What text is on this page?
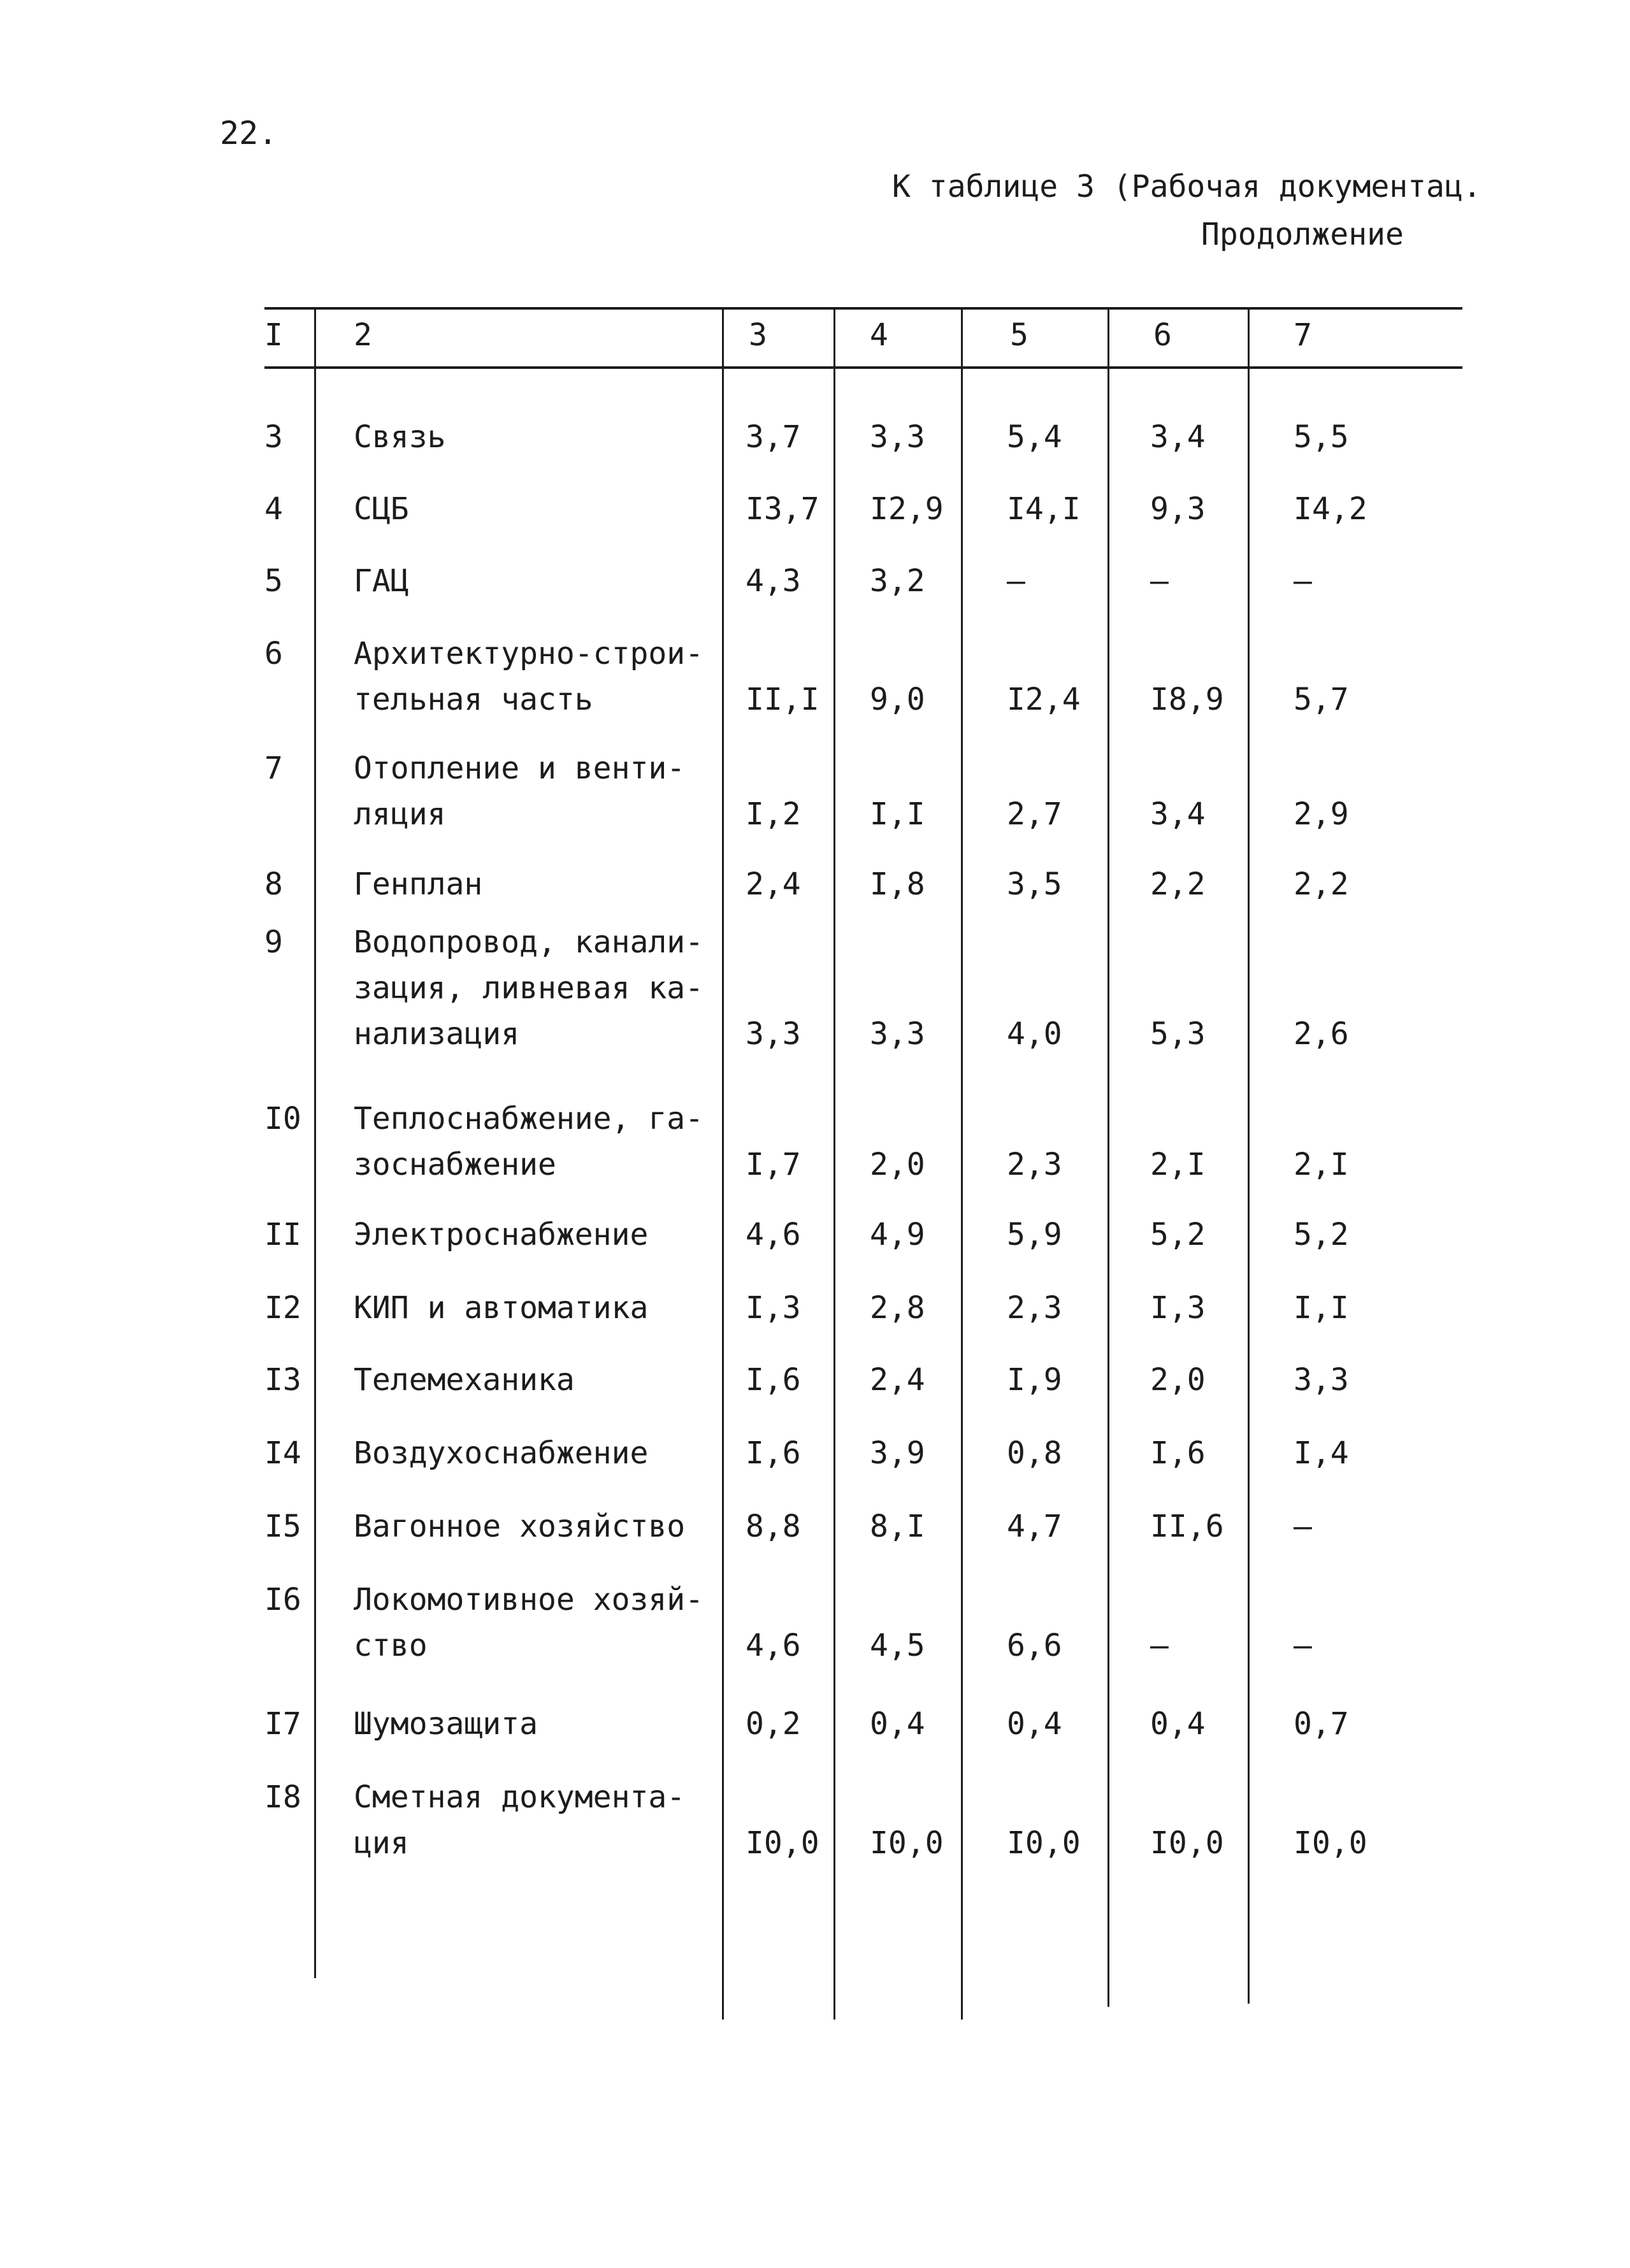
22.
К таблице 3 (Рабочая документац.
Продолжение
I 2	3	4	5	6	7
3 Связь	3,7 3,3	5,4	3,4	5,5
4 СЦБ	I3,7 I2,9 I4,I 9,3	I4,2
5 ГАЦ	4,3 3,2	–	–	–
6 Архитектурно-строи-
тельная часть	II,I 9,0	I2,4 I8,9 5,7
7 Отопление и венти-
ляция	I,2 I,I	2,7	3,4	2,9
8 Генплан	2,4 I,8	3,5	2,2	2,2
9 Водопровод, канали-
зация, ливневая ка-
нализация	3,3 3,3	4,0	5,3	2,6
I0 Теплоснабжение, га-
зоснабжение	I,7 2,0	2,3	2,I	2,I
II Электроснабжение	4,6 4,9	5,9	5,2	5,2
I2 КИП и автоматика	I,3 2,8	2,3	I,3	I,I
I3 Телемеханика	I,6 2,4	I,9	2,0	3,3
I4 Воздухоснабжение	I,6 3,9	0,8	I,6	I,4
I5 Вагонное хозяйство 8,8 8,I	4,7	II,6 –
I6 Локомотивное хозяй-
ство	4,6 4,5	6,6	–	–
I7 Шумозащита	0,2 0,4	0,4	0,4	0,7
I8 Сметная документа-
ция	I0,0 I0,0 I0,0 I0,0 I0,0
